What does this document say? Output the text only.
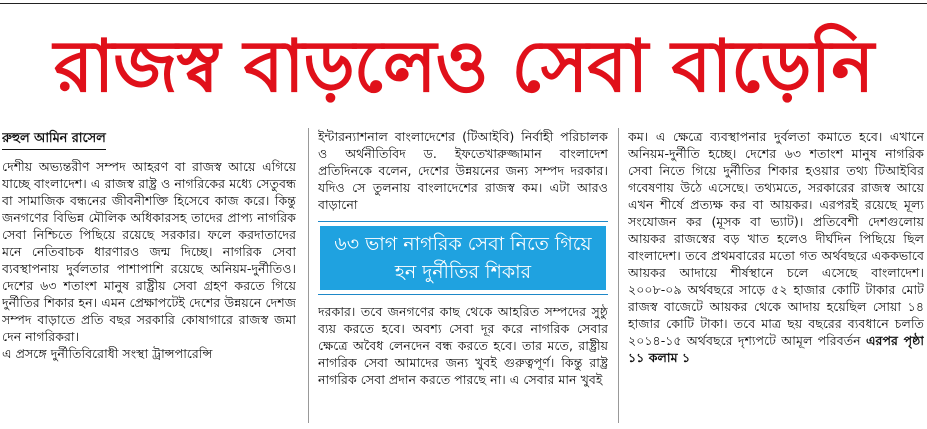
রাজস্ব বাড়লেও সেবা বাড়েনি
রুহুল আমিন রাসেল

দেশীয় অভ্যন্তরীণ সম্পদ আহরণ বা রাজস্ব আয়ে এগিয়ে যাচ্ছে বাংলাদেশ। এ রাজস্ব রাষ্ট্র ও নাগরিকের মধ্যে সেতুবন্ধ বা সামাজিক বন্ধনের জীবনীশক্তি হিসেবে কাজ করে। কিন্তু জনগণের বিভিন্ন মৌলিক অধিকারসহ তাদের প্রাপ্য নাগরিক সেবা নিশ্চিতে পিছিয়ে রয়েছে সরকার। ফলে করদাতাদের মনে নেতিবাচক ধারণারও জন্ম দিচ্ছে। নাগরিক সেবা ব্যবস্থাপনায় দুর্বলতার পাশাপাশি রয়েছে অনিয়ম-দুর্নীতিও। দেশের ৬৩ শতাংশ মানুষ রাষ্ট্রীয় সেবা গ্রহণ করতে গিয়ে দুর্নীতির শিকার হন। এমন প্রেক্ষাপটেই দেশের উন্নয়নে দেশজ সম্পদ বাড়াতে প্রতি বছর সরকারি কোষাগারে রাজস্ব জমা দেন নাগরিকরা।

এ প্রসঙ্গে দুর্নীতিবিরোধী সংস্থা ট্রান্সপারেন্সি

ইন্টারন্যাশনাল বাংলাদেশের (টিআইবি) নির্বাহী পরিচালক ও অর্থনীতিবিদ ড. ইফতেখারুজ্জামান বাংলাদেশ প্রতিদিনকে বলেন, দেশের উন্নয়নের জন্য সম্পদ দরকার। যদিও সে তুলনায় বাংলাদেশের রাজস্ব কম। এটা আরও বাড়ানো

৬৩ ভাগ নাগরিক সেবা নিতে গিয়ে হন দুর্নীতির শিকার

দরকার। তবে জনগণের কাছ থেকে আহরিত সম্পদের সুষ্ঠু ব্যয় করতে হবে। অবশ্য সেবা দূর করে নাগরিক সেবার ক্ষেত্রে অবৈধ লেনদেন বন্ধ করতে হবে। তার মতে, রাষ্ট্রীয় নাগরিক সেবা আমাদের জন্য খুবই গুরুত্বপূর্ণ। কিন্তু রাষ্ট্র নাগরিক সেবা প্রদান করতে পারছে না। এ সেবার মান খুবই

কম। এ ক্ষেত্রে ব্যবস্থাপনার দুর্বলতা কমাতে হবে। এখানে অনিয়ম-দুর্নীতি হচ্ছে। দেশের ৬৩ শতাংশ মানুষ নাগরিক সেবা নিতে গিয়ে দুর্নীতির শিকার হওয়ার তথ্য টিআইবির গবেষণায় উঠে এসেছে। তথ্যমতে, সরকারের রাজস্ব আয়ে এখন শীর্ষে প্রত্যক্ষ কর বা আয়কর। এরপরই রয়েছে মূল্য সংযোজন কর (মূসক বা ভ্যাট)। প্রতিবেশী দেশগুলোয় আয়কর রাজস্বের বড় খাত হলেও দীর্ঘদিন পিছিয়ে ছিল বাংলাদেশ। তবে প্রথমবারের মতো গত অর্থবছরে এককভাবে আয়কর আদায়ে শীর্ষস্থানে চলে এসেছে বাংলাদেশ। ২০০৮-০৯ অর্থবছরে সাড়ে ৫২ হাজার কোটি টাকার মোট রাজস্ব বাজেটে আয়কর থেকে আদায় হয়েছিল সোয়া ১৪ হাজার কোটি টাকা। তবে মাত্র ছয় বছরের ব্যবধানে চলতি ২০১৪-১৫ অর্থবছরে দৃশ্যপটে আমূল পরিবর্তন এরপর পৃষ্ঠা ১১ কলাম ১
